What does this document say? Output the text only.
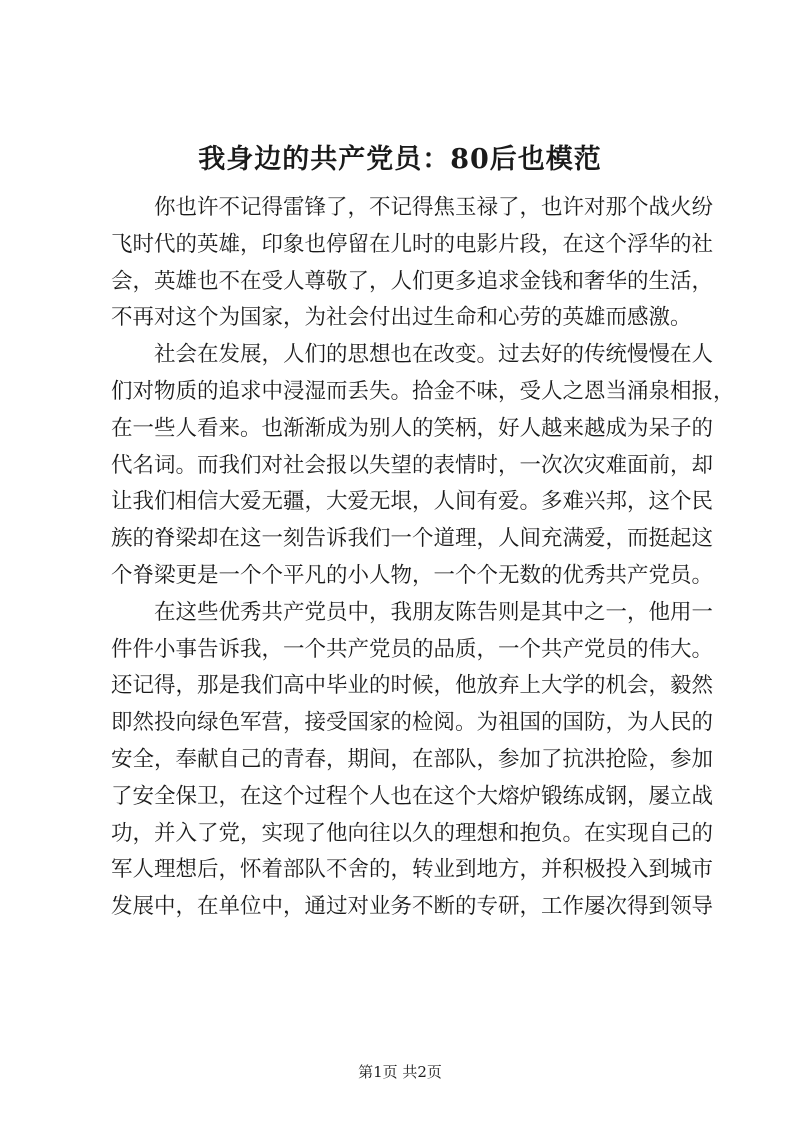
我身边的共产党员：80后也模范
你也许不记得雷锋了，不记得焦玉禄了，也许对那个战火纷
飞时代的英雄，印象也停留在儿时的电影片段，在这个浮华的社
会，英雄也不在受人尊敬了，人们更多追求金钱和奢华的生活，
不再对这个为国家，为社会付出过生命和心劳的英雄而感激。
社会在发展，人们的思想也在改变。过去好的传统慢慢在人
们对物质的追求中浸湿而丢失。拾金不味，受人之恩当涌泉相报，
在一些人看来。也渐渐成为别人的笑柄，好人越来越成为呆子的
代名词。而我们对社会报以失望的表情时，一次次灾难面前，却
让我们相信大爱无疆，大爱无垠，人间有爱。多难兴邦，这个民
族的脊梁却在这一刻告诉我们一个道理，人间充满爱，而挺起这
个脊梁更是一个个平凡的小人物，一个个无数的优秀共产党员。
在这些优秀共产党员中，我朋友陈告则是其中之一，他用一
件件小事告诉我，一个共产党员的品质，一个共产党员的伟大。
还记得，那是我们高中毕业的时候，他放弃上大学的机会，毅然
即然投向绿色军营，接受国家的检阅。为祖国的国防，为人民的
安全，奉献自己的青春，期间，在部队，参加了抗洪抢险，参加
了安全保卫，在这个过程个人也在这个大熔炉锻练成钢，屡立战
功，并入了党，实现了他向往以久的理想和抱负。在实现自己的
军人理想后，怀着部队不舍的，转业到地方，并积极投入到城市
发展中，在单位中，通过对业务不断的专研，工作屡次得到领导
第1页 共2页
